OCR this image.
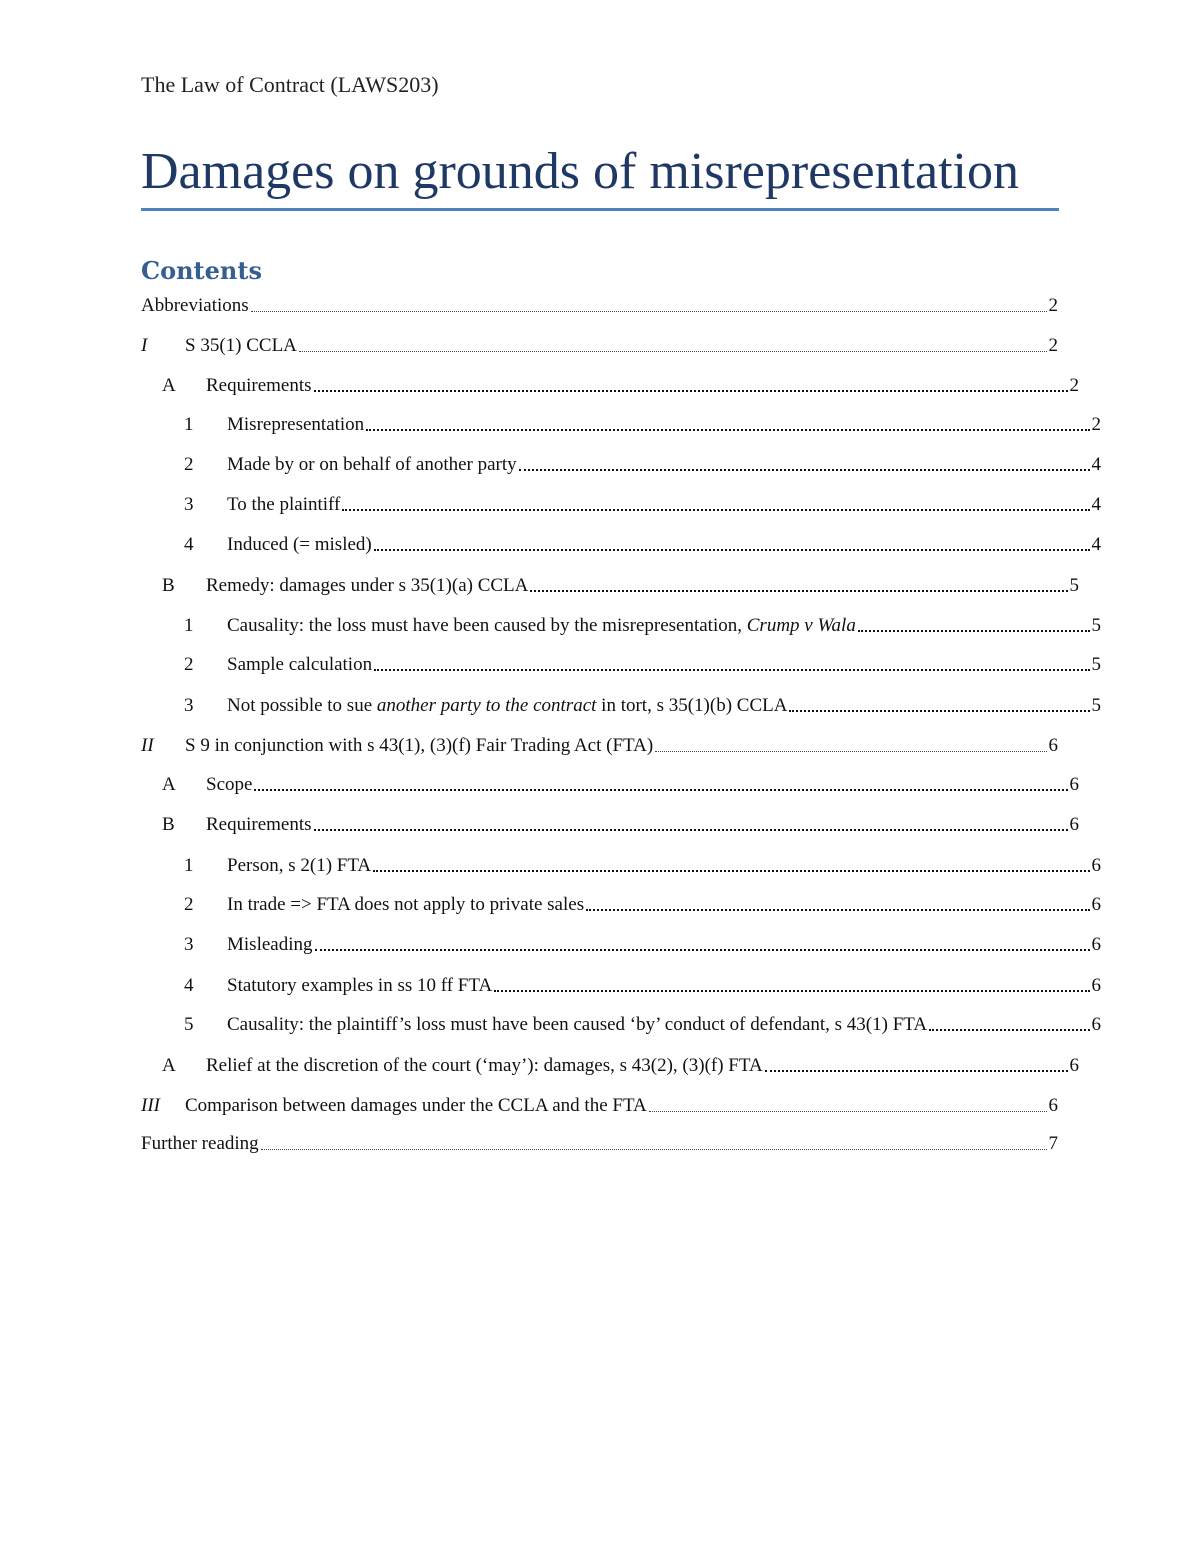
The Law of Contract (LAWS203)
Damages on grounds of misrepresentation
Contents
Abbreviations	2
I	S 35(1) CCLA	2
A	Requirements	2
1	Misrepresentation	2
2	Made by or on behalf of another party	4
3	To the plaintiff	4
4	Induced (= misled)	4
B	Remedy: damages under s 35(1)(a) CCLA	5
1	Causality: the loss must have been caused by the misrepresentation, Crump v Wala	5
2	Sample calculation	5
3	Not possible to sue another party to the contract in tort, s 35(1)(b) CCLA	5
II	S 9 in conjunction with s 43(1), (3)(f) Fair Trading Act (FTA)	6
A	Scope	6
B	Requirements	6
1	Person, s 2(1) FTA	6
2	In trade => FTA does not apply to private sales	6
3	Misleading	6
4	Statutory examples in ss 10 ff FTA	6
5	Causality: the plaintiff’s loss must have been caused ‘by’ conduct of defendant, s 43(1) FTA	6
A	Relief at the discretion of the court (‘may’): damages, s 43(2), (3)(f) FTA	6
III	Comparison between damages under the CCLA and the FTA	6
Further reading	7
